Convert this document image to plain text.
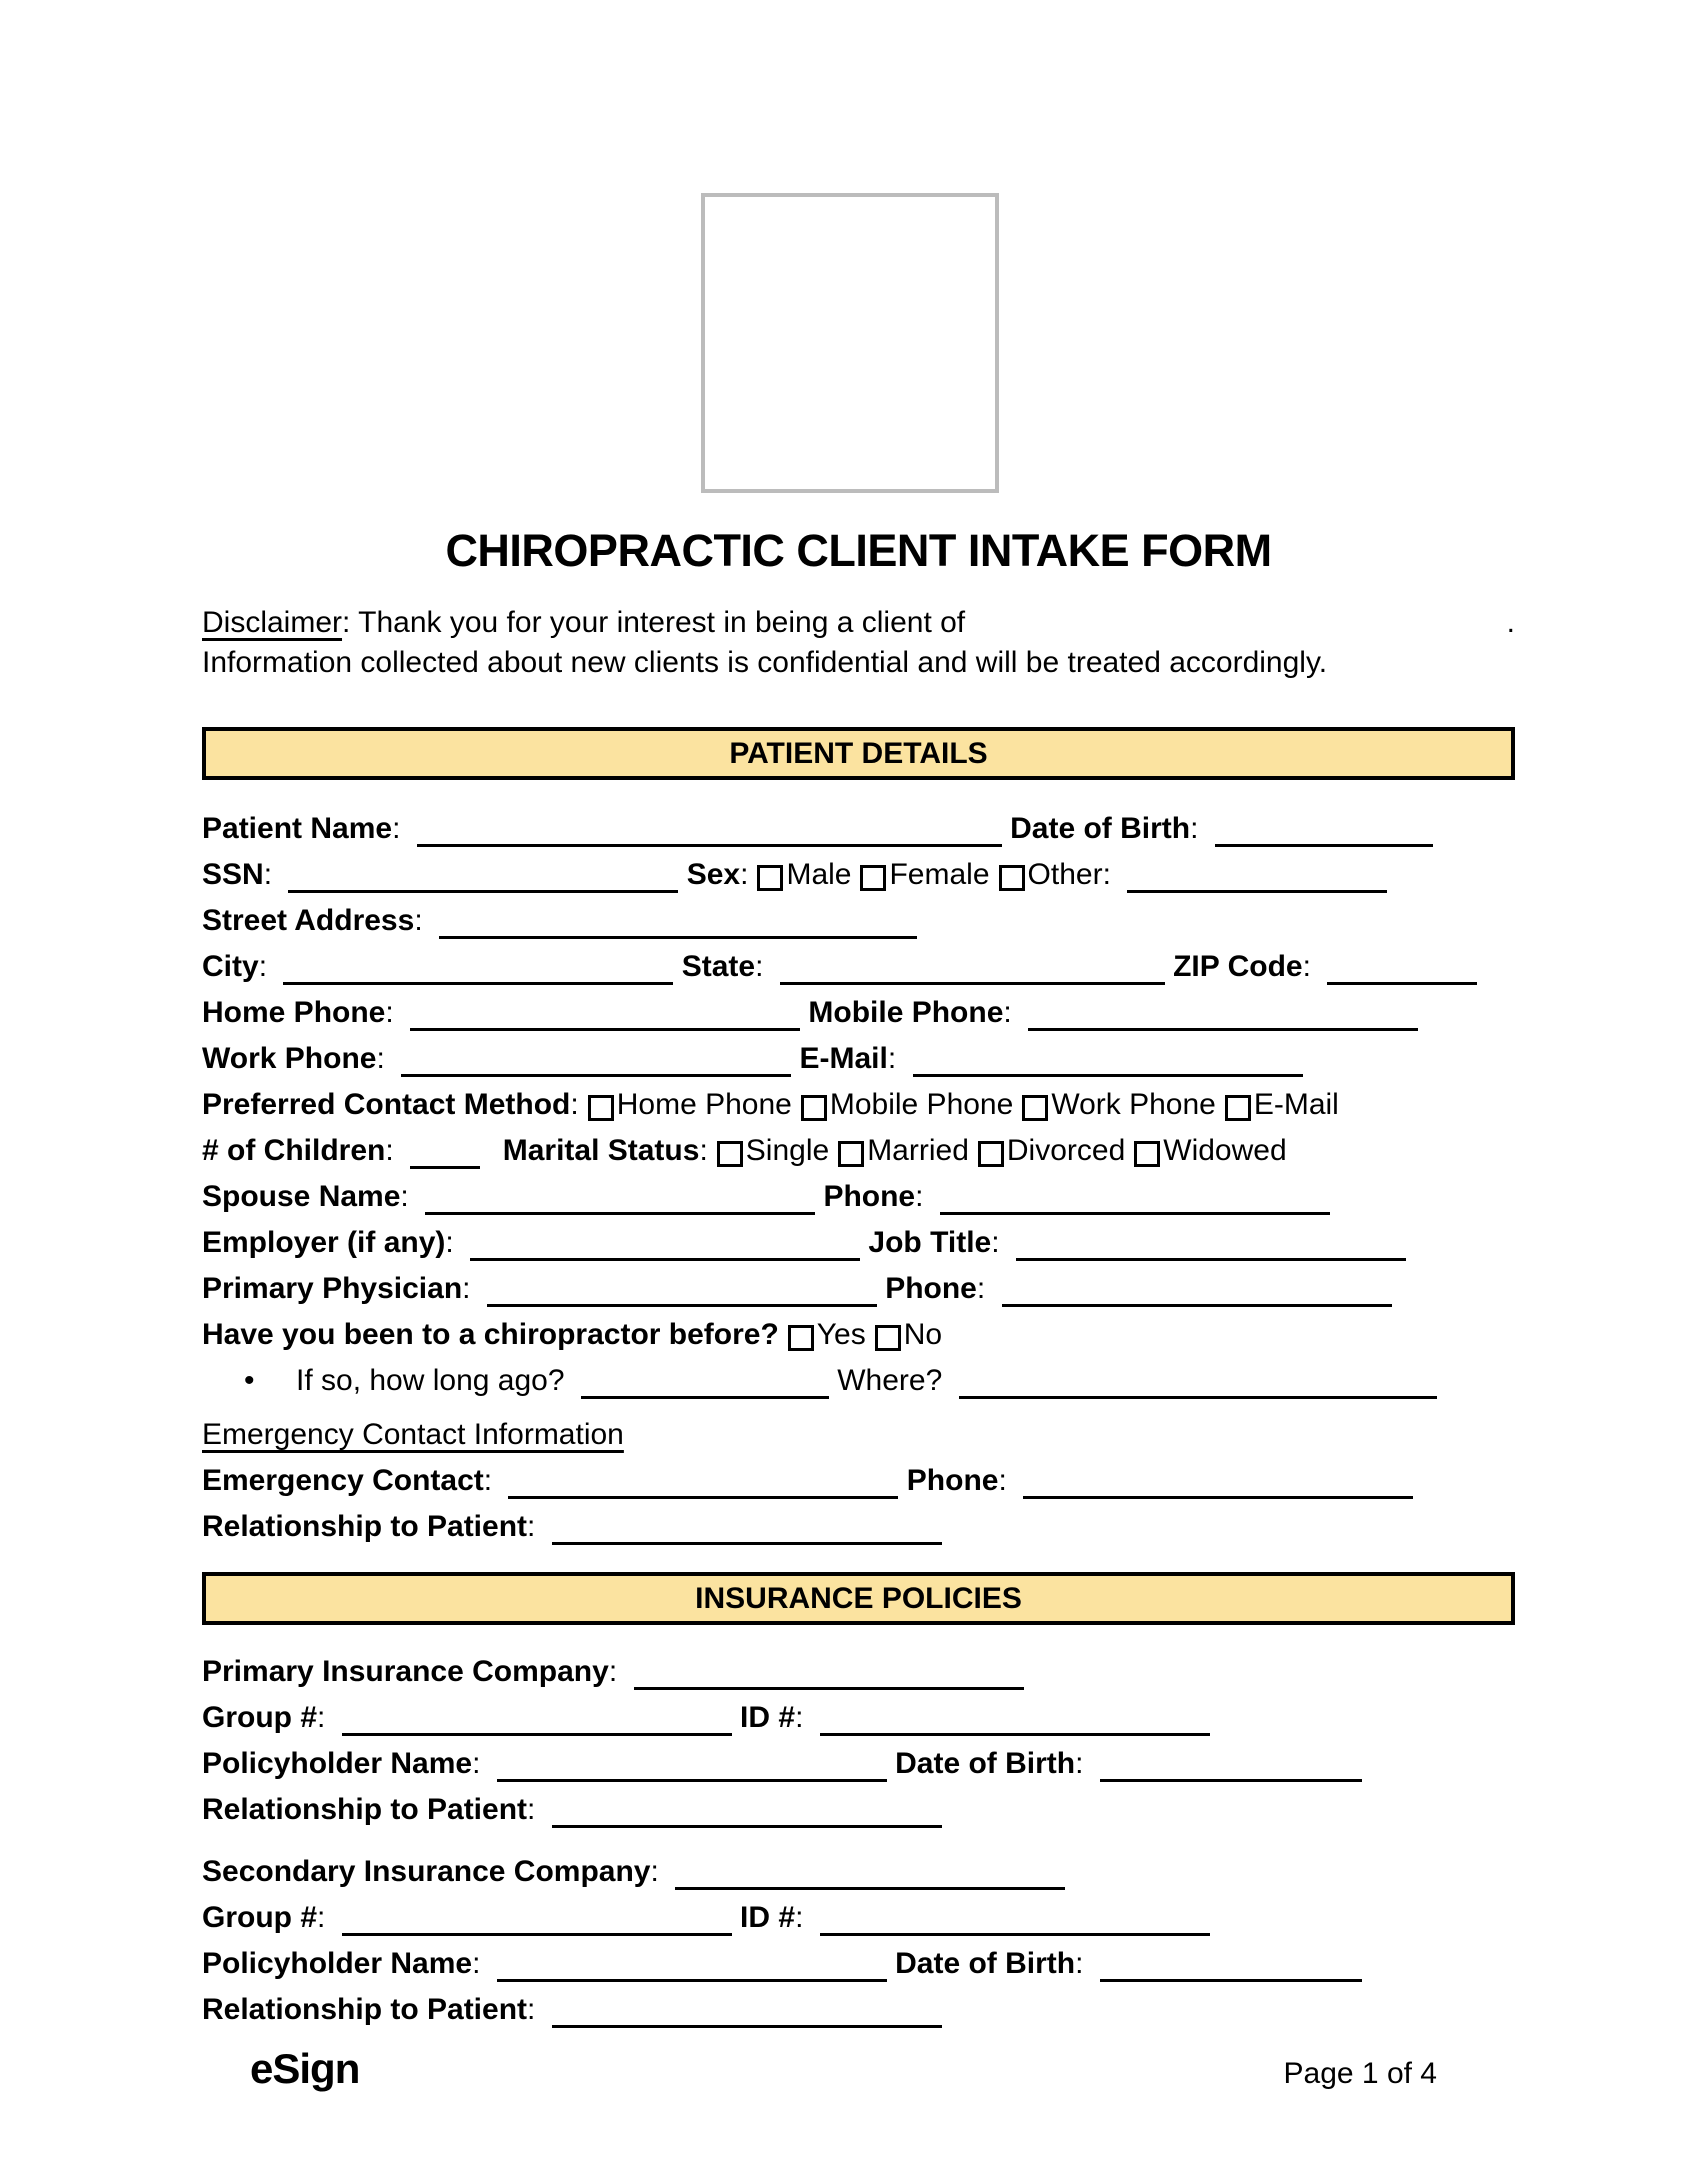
CHIROPRACTIC CLIENT INTAKE FORM
Disclaimer: Thank you for your interest in being a client of	.
Information collected about new clients is confidential and will be treated accordingly.
PATIENT DETAILS
Patient Name:	Date of Birth:
SSN:	Sex: Male Female Other:
Street Address:
City:	State:	ZIP Code:
Home Phone:	Mobile Phone:
Work Phone:	E-Mail:
Preferred Contact Method: Home Phone Mobile Phone Work Phone E-Mail
# of Children:	Marital Status: Single Married Divorced Widowed
Spouse Name:	Phone:
Employer (if any):	Job Title:
Primary Physician:	Phone:
Have you been to a chiropractor before? Yes No
• If so, how long ago?	Where?
Emergency Contact Information
Emergency Contact:	Phone:
Relationship to Patient:
INSURANCE POLICIES
Primary Insurance Company:
Group #:	ID #:
Policyholder Name:	Date of Birth:
Relationship to Patient:
Secondary Insurance Company:
Group #:	ID #:
Policyholder Name:	Date of Birth:
Relationship to Patient:
eSign	Page 1 of 4
